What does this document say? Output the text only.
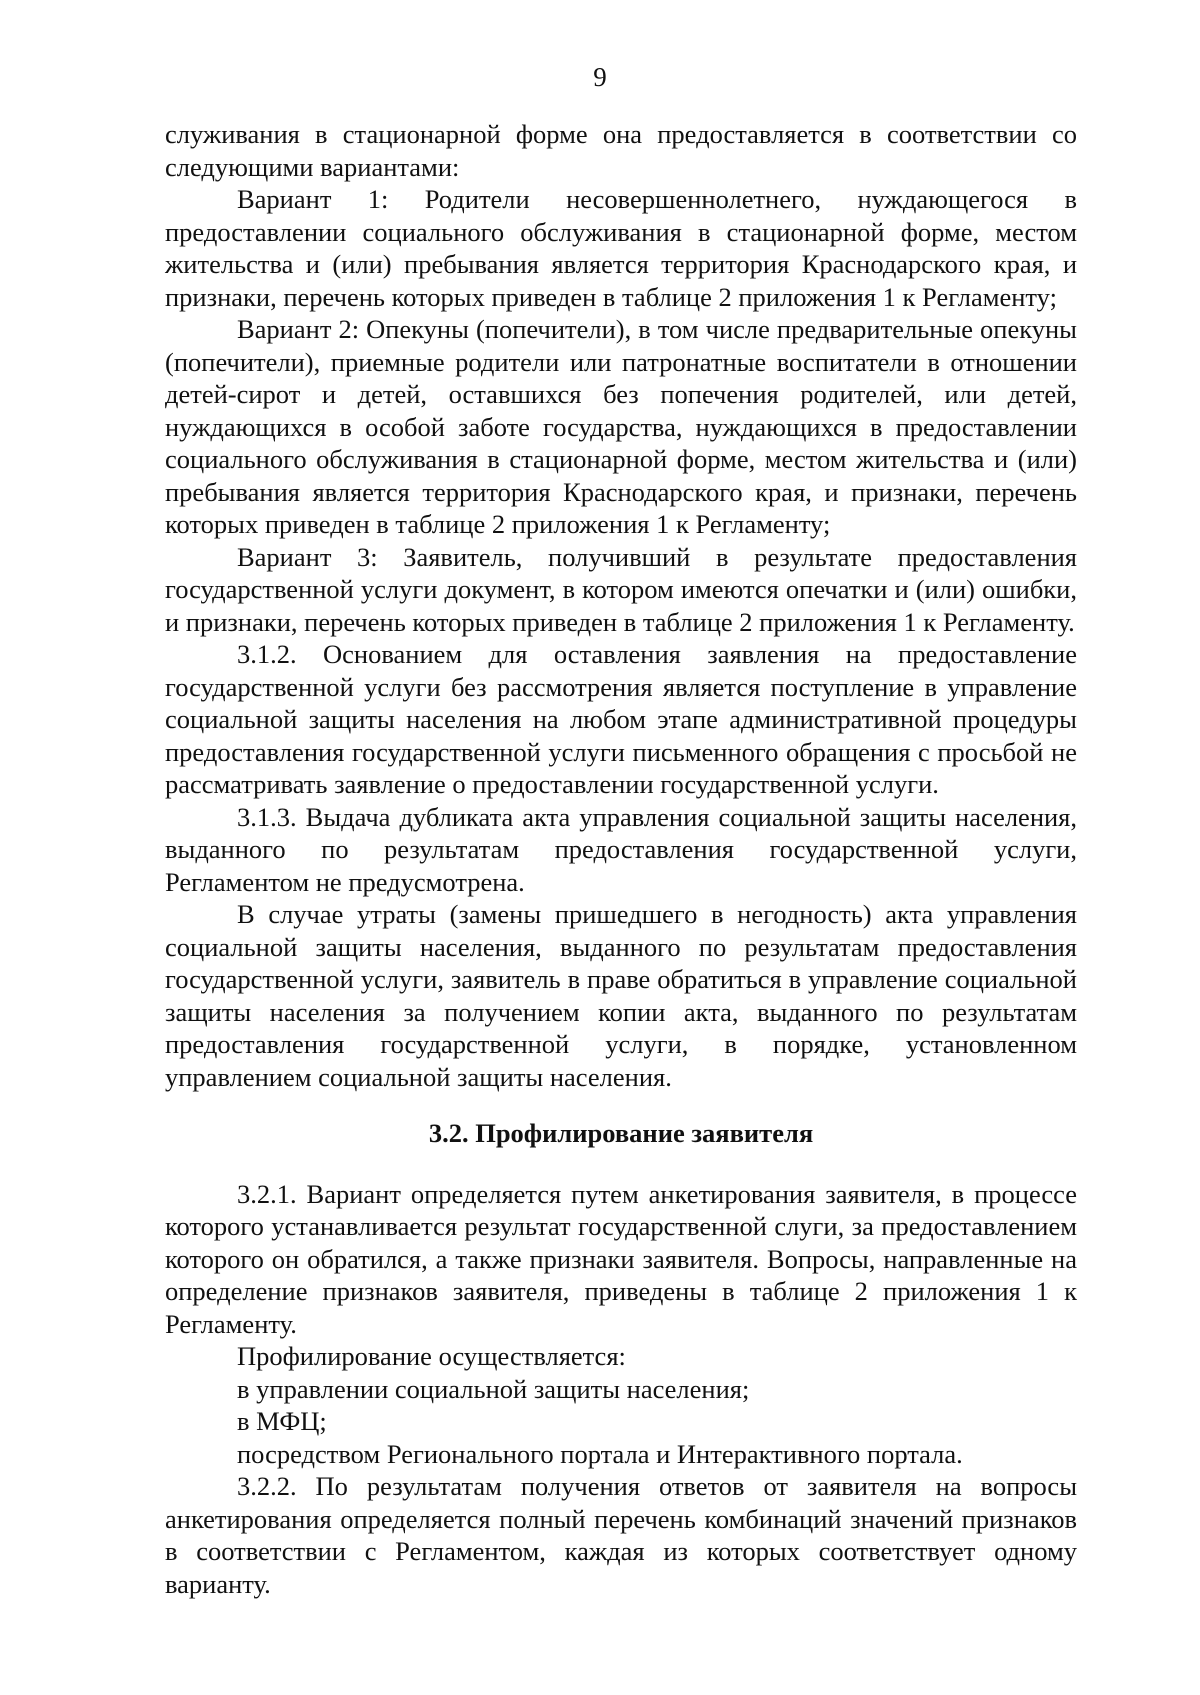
9

служивания в стационарной форме она предоставляется в соответствии со следующими вариантами:

Вариант 1: Родители несовершеннолетнего, нуждающегося в предоставлении социального обслуживания в стационарной форме, местом жительства и (или) пребывания является территория Краснодарского края, и признаки, перечень которых приведен в таблице 2 приложения 1 к Регламенту;

Вариант 2: Опекуны (попечители), в том числе предварительные опекуны (попечители), приемные родители или патронатные воспитатели в отношении детей-сирот и детей, оставшихся без попечения родителей, или детей, нуждающихся в особой заботе государства, нуждающихся в предоставлении социального обслуживания в стационарной форме, местом жительства и (или) пребывания является территория Краснодарского края, и признаки, перечень которых приведен в таблице 2 приложения 1 к Регламенту;

Вариант 3: Заявитель, получивший в результате предоставления государственной услуги документ, в котором имеются опечатки и (или) ошибки, и признаки, перечень которых приведен в таблице 2 приложения 1 к Регламенту.

3.1.2. Основанием для оставления заявления на предоставление государственной услуги без рассмотрения является поступление в управление социальной защиты населения на любом этапе административной процедуры предоставления государственной услуги письменного обращения с просьбой не рассматривать заявление о предоставлении государственной услуги.

3.1.3. Выдача дубликата акта управления социальной защиты населения, выданного по результатам предоставления государственной услуги, Регламентом не предусмотрена.

В случае утраты (замены пришедшего в негодность) акта управления социальной защиты населения, выданного по результатам предоставления государственной услуги, заявитель в праве обратиться в управление социальной защиты населения за получением копии акта, выданного по результатам предоставления государственной услуги, в порядке, установленном управлением социальной защиты населения.

3.2. Профилирование заявителя

3.2.1. Вариант определяется путем анкетирования заявителя, в процессе которого устанавливается результат государственной слуги, за предоставлением которого он обратился, а также признаки заявителя. Вопросы, направленные на определение признаков заявителя, приведены в таблице 2 приложения 1 к Регламенту.

Профилирование осуществляется:

в управлении социальной защиты населения;

в МФЦ;

посредством Регионального портала и Интерактивного портала.

3.2.2. По результатам получения ответов от заявителя на вопросы анкетирования определяется полный перечень комбинаций значений признаков в соответствии с Регламентом, каждая из которых соответствует одному варианту.
